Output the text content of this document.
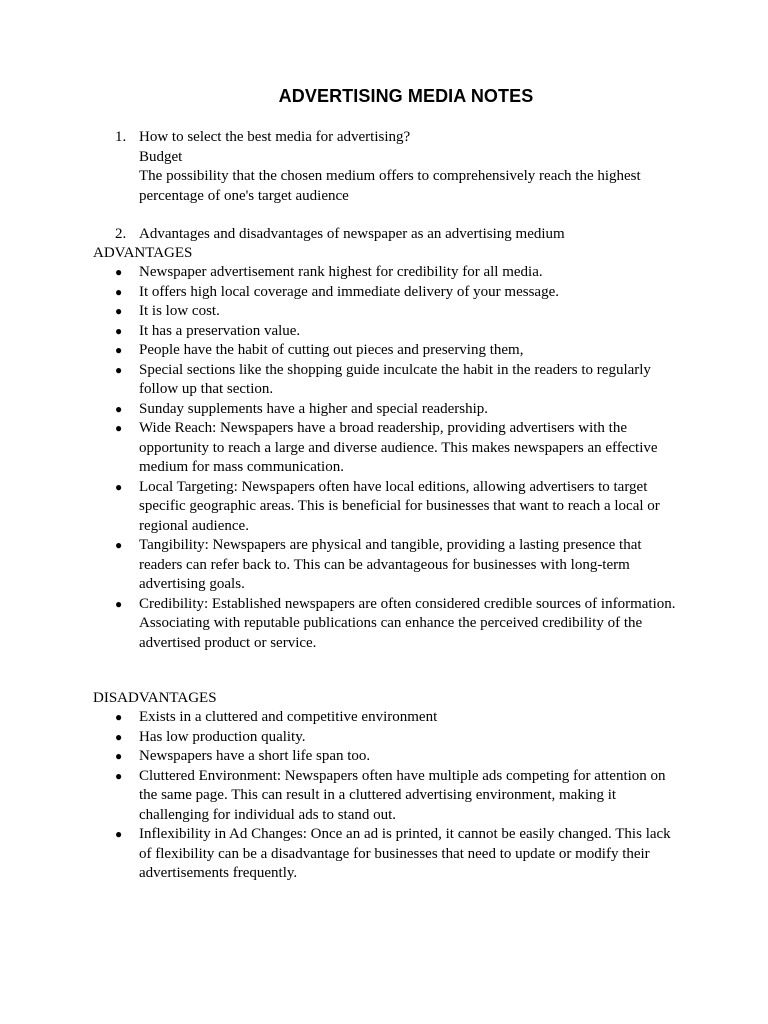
ADVERTISING MEDIA NOTES
1. How to select the best media for advertising?
Budget
The possibility that the chosen medium offers to comprehensively reach the highest percentage of one's target audience
2. Advantages and disadvantages of newspaper as an advertising medium
ADVANTAGES
● Newspaper advertisement rank highest for credibility for all media.
● It offers high local coverage and immediate delivery of your message.
● It is low cost.
● It has a preservation value.
● People have the habit of cutting out pieces and preserving them,
● Special sections like the shopping guide inculcate the habit in the readers to regularly follow up that section.
● Sunday supplements have a higher and special readership.
● Wide Reach: Newspapers have a broad readership, providing advertisers with the opportunity to reach a large and diverse audience. This makes newspapers an effective medium for mass communication.
● Local Targeting: Newspapers often have local editions, allowing advertisers to target specific geographic areas. This is beneficial for businesses that want to reach a local or regional audience.
● Tangibility: Newspapers are physical and tangible, providing a lasting presence that readers can refer back to. This can be advantageous for businesses with long-term advertising goals.
● Credibility: Established newspapers are often considered credible sources of information. Associating with reputable publications can enhance the perceived credibility of the advertised product or service.
DISADVANTAGES
● Exists in a cluttered and competitive environment
● Has low production quality.
● Newspapers have a short life span too.
● Cluttered Environment: Newspapers often have multiple ads competing for attention on the same page. This can result in a cluttered advertising environment, making it challenging for individual ads to stand out.
● Inflexibility in Ad Changes: Once an ad is printed, it cannot be easily changed. This lack of flexibility can be a disadvantage for businesses that need to update or modify their advertisements frequently.
